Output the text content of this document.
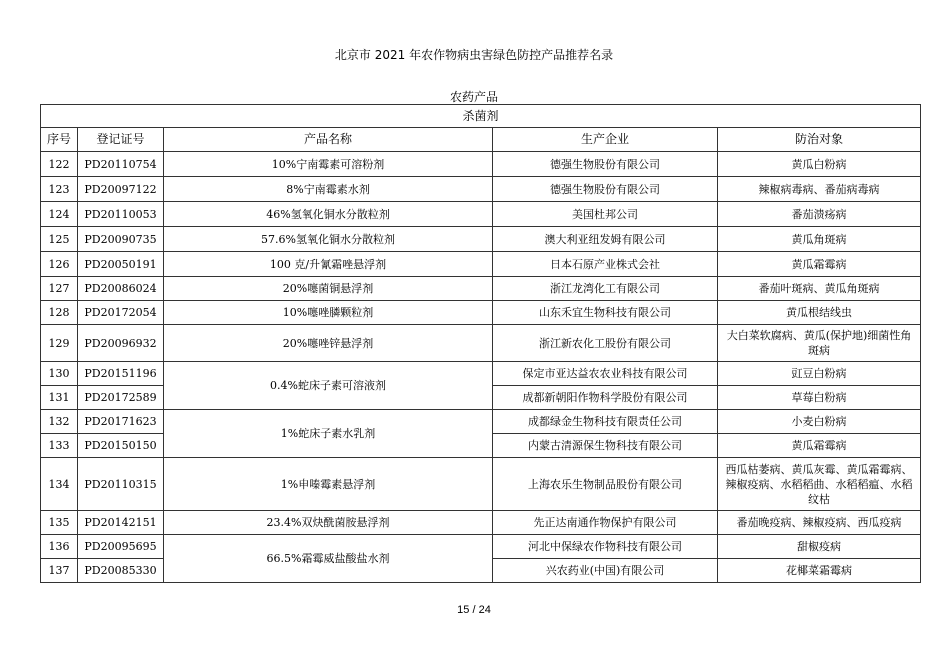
北京市 2021 年农作物病虫害绿色防控产品推荐名录
农药产品
杀菌剂				
序号	登记证号	产品名称	生产企业	防治对象
122	PD20110754	10%宁南霉素可溶粉剂	德强生物股份有限公司	黄瓜白粉病
123	PD20097122	8%宁南霉素水剂	德强生物股份有限公司	辣椒病毒病、番茄病毒病
124	PD20110053	46%氢氧化铜水分散粒剂	美国杜邦公司	番茄溃疡病
125	PD20090735	57.6%氢氧化铜水分散粒剂	澳大利亚纽发姆有限公司	黄瓜角斑病
126	PD20050191	100 克/升氰霜唑悬浮剂	日本石原产业株式会社	黄瓜霜霉病
127	PD20086024	20%噻菌铜悬浮剂	浙江龙湾化工有限公司	番茄叶斑病、黄瓜角斑病
128	PD20172054	10%噻唑膦颗粒剂	山东禾宜生物科技有限公司	黄瓜根结线虫
129	PD20096932	20%噻唑锌悬浮剂	浙江新农化工股份有限公司	大白菜软腐病、黄瓜(保护地)细菌性角斑病
130	PD20151196	0.4%蛇床子素可溶液剂	保定市亚达益农农业科技有限公司	豇豆白粉病
131	PD20172589		成都新朝阳作物科学股份有限公司	草莓白粉病
132	PD20171623	1%蛇床子素水乳剂	成都绿金生物科技有限责任公司	小麦白粉病
133	PD20150150		内蒙古清源保生物科技有限公司	黄瓜霜霉病
134	PD20110315	1%申嗪霉素悬浮剂	上海农乐生物制品股份有限公司	西瓜枯萎病、黄瓜灰霉、黄瓜霜霉病、辣椒疫病、水稻稻曲、水稻稻瘟、水稻纹枯
135	PD20142151	23.4%双炔酰菌胺悬浮剂	先正达南通作物保护有限公司	番茄晚疫病、辣椒疫病、西瓜疫病
136	PD20095695	66.5%霜霉威盐酸盐水剂	河北中保绿农作物科技有限公司	甜椒疫病
137	PD20085330		兴农药业(中国)有限公司	花椰菜霜霉病
15 / 24
